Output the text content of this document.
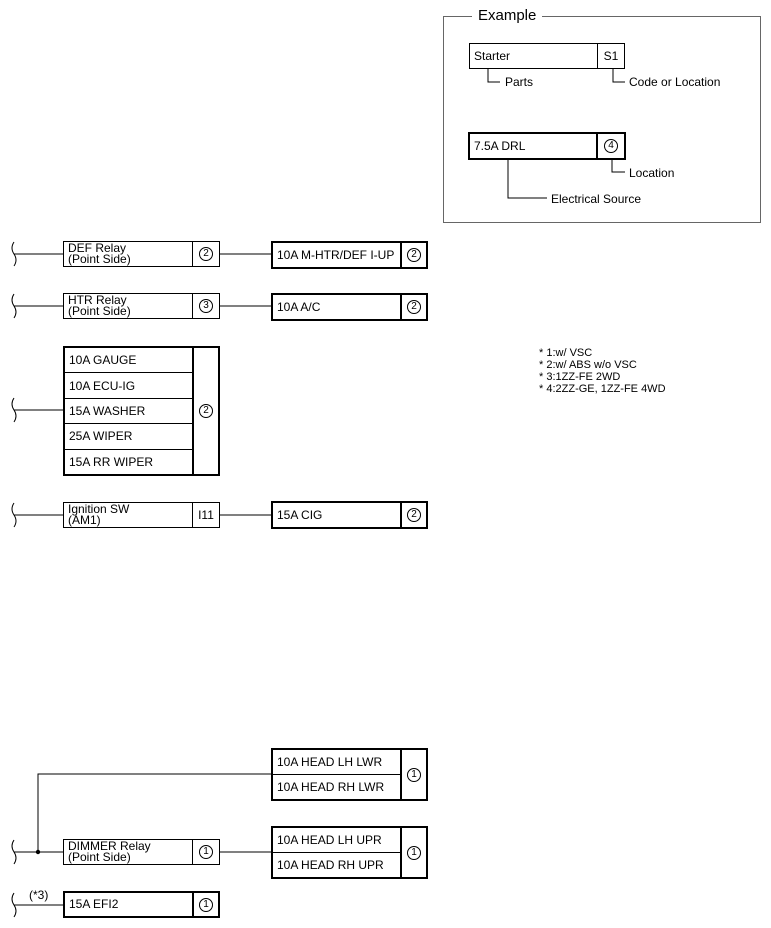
Example
Starter	S1
Parts	Code or Location
7.5A DRL	4
Location
Electrical Source
DEF Relay
(Point Side)	2	10A M-HTR/DEF I-UP	2
HTR Relay
(Point Side)	3	10A A/C	2
10A GAUGE
10A ECU-IG
15A WASHER
25A WIPER
15A RR WIPER
2
Ignition SW
(AM1)	I11	15A CIG	2
10A HEAD LH LWR
10A HEAD RH LWR
1
DIMMER Relay
(Point Side)	1
10A HEAD LH UPR
10A HEAD RH UPR
1
(*3)
15A EFI2	1
* 1:w/ VSC
* 2:w/ ABS w/o VSC
* 3:1ZZ-FE 2WD
* 4:2ZZ-GE, 1ZZ-FE 4WD
